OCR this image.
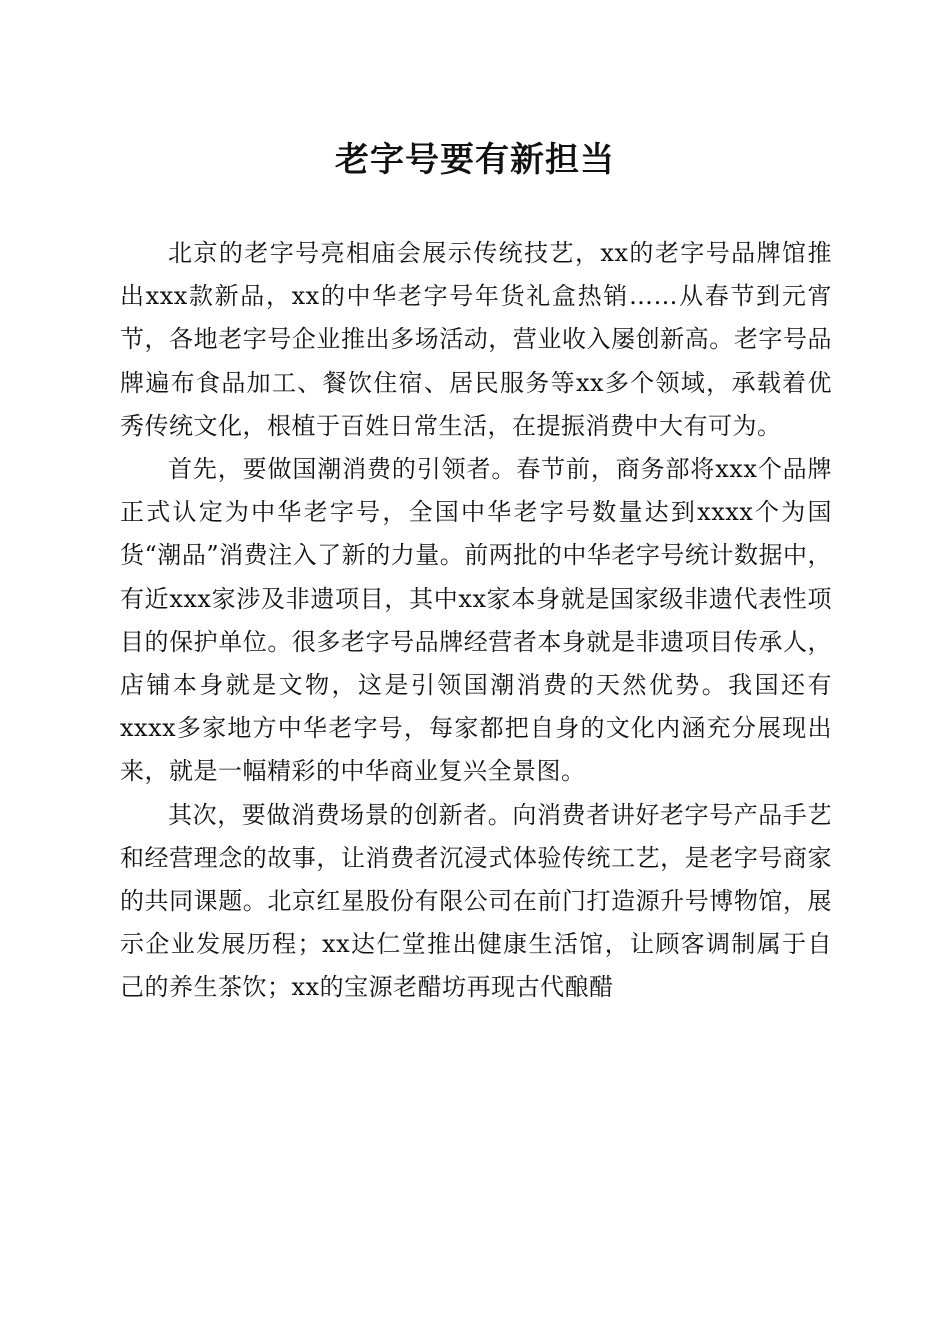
老字号要有新担当

北京的老字号亮相庙会展示传统技艺，xx的老字号品牌馆推出xxx款新品，xx的中华老字号年货礼盒热销……从春节到元宵节，各地老字号企业推出多场活动，营业收入屡创新高。老字号品牌遍布食品加工、餐饮住宿、居民服务等xx多个领域，承载着优秀传统文化，根植于百姓日常生活，在提振消费中大有可为。

首先，要做国潮消费的引领者。春节前，商务部将xxx个品牌正式认定为中华老字号，全国中华老字号数量达到xxxx个为国货“潮品”消费注入了新的力量。前两批的中华老字号统计数据中，有近xxx家涉及非遗项目，其中xx家本身就是国家级非遗代表性项目的保护单位。很多老字号品牌经营者本身就是非遗项目传承人，店铺本身就是文物，这是引领国潮消费的天然优势。我国还有xxxx多家地方中华老字号，每家都把自身的文化内涵充分展现出来，就是一幅精彩的中华商业复兴全景图。

其次，要做消费场景的创新者。向消费者讲好老字号产品手艺和经营理念的故事，让消费者沉浸式体验传统工艺，是老字号商家的共同课题。北京红星股份有限公司在前门打造源升号博物馆，展示企业发展历程；xx达仁堂推出健康生活馆，让顾客调制属于自己的养生茶饮；xx的宝源老醋坊再现古代酿醋
